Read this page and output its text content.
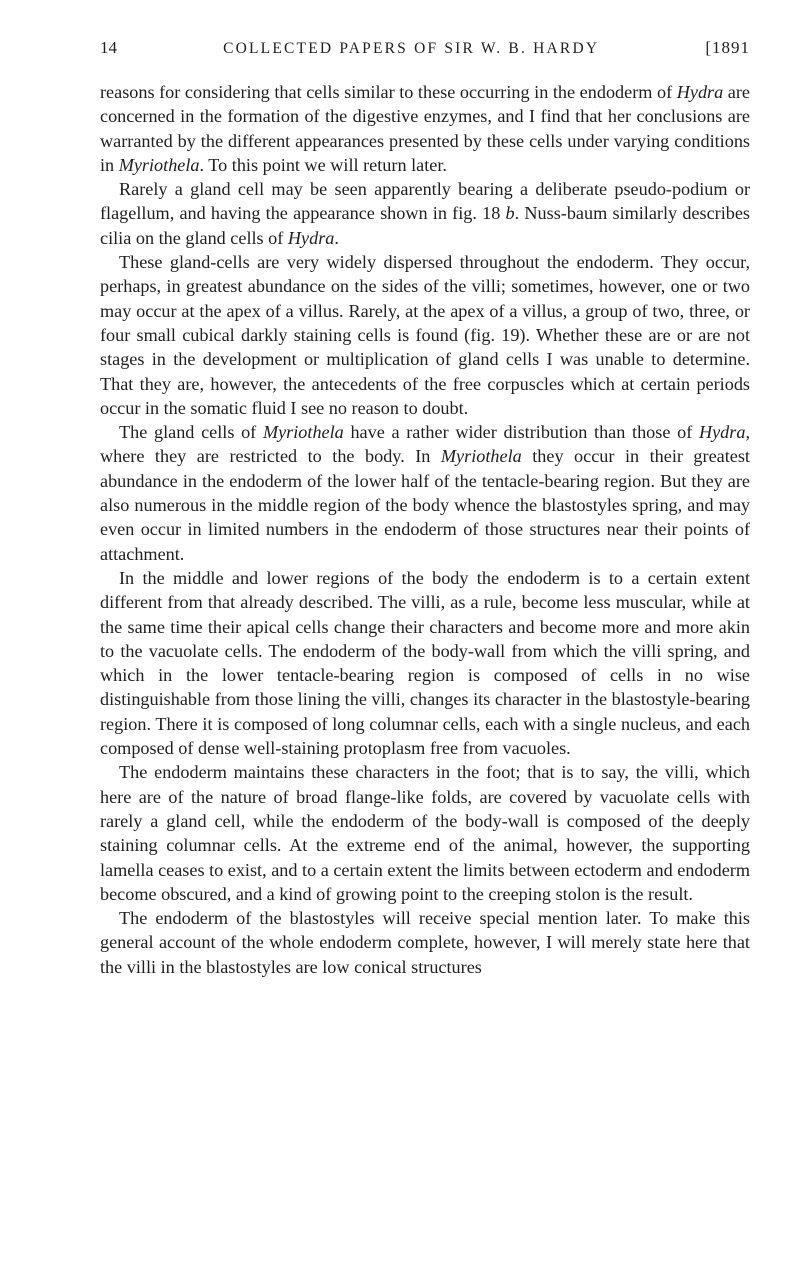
14	COLLECTED PAPERS OF SIR W. B. HARDY	[1891

reasons for considering that cells similar to these occurring in the endoderm of Hydra are concerned in the formation of the digestive enzymes, and I find that her conclusions are warranted by the different appearances presented by these cells under varying conditions in Myriothela. To this point we will return later.

Rarely a gland cell may be seen apparently bearing a deliberate pseudo-podium or flagellum, and having the appearance shown in fig. 18 b. Nuss-baum similarly describes cilia on the gland cells of Hydra.

These gland-cells are very widely dispersed throughout the endoderm. They occur, perhaps, in greatest abundance on the sides of the villi; sometimes, however, one or two may occur at the apex of a villus. Rarely, at the apex of a villus, a group of two, three, or four small cubical darkly staining cells is found (fig. 19). Whether these are or are not stages in the development or multiplication of gland cells I was unable to determine. That they are, however, the antecedents of the free corpuscles which at certain periods occur in the somatic fluid I see no reason to doubt.

The gland cells of Myriothela have a rather wider distribution than those of Hydra, where they are restricted to the body. In Myriothela they occur in their greatest abundance in the endoderm of the lower half of the tentacle-bearing region. But they are also numerous in the middle region of the body whence the blastostyles spring, and may even occur in limited numbers in the endoderm of those structures near their points of attachment.

In the middle and lower regions of the body the endoderm is to a certain extent different from that already described. The villi, as a rule, become less muscular, while at the same time their apical cells change their characters and become more and more akin to the vacuolate cells. The endoderm of the body-wall from which the villi spring, and which in the lower tentacle-bearing region is composed of cells in no wise distinguishable from those lining the villi, changes its character in the blastostyle-bearing region. There it is composed of long columnar cells, each with a single nucleus, and each composed of dense well-staining protoplasm free from vacuoles.

The endoderm maintains these characters in the foot; that is to say, the villi, which here are of the nature of broad flange-like folds, are covered by vacuolate cells with rarely a gland cell, while the endoderm of the body-wall is composed of the deeply staining columnar cells. At the extreme end of the animal, however, the supporting lamella ceases to exist, and to a certain extent the limits between ectoderm and endoderm become obscured, and a kind of growing point to the creeping stolon is the result.

The endoderm of the blastostyles will receive special mention later. To make this general account of the whole endoderm complete, however, I will merely state here that the villi in the blastostyles are low conical structures
